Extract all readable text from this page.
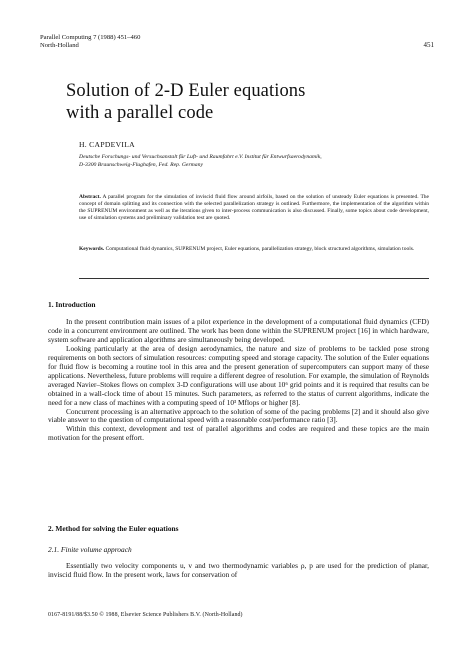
Parallel Computing 7 (1988) 451–460
North-Holland	451
Solution of 2-D Euler equations
with a parallel code
H. CAPDEVILA
Deutsche Forschungs- und Versuchsanstalt für Luft- und Raumfahrt e.V. Institut für Entwurfsaerodynamik,
D-3300 Braunschweig-Flughafen, Fed. Rep. Germany
Abstract. A parallel program for the simulation of inviscid fluid flow around airfoils, based on the solution of unsteady Euler equations is presented. The concept of domain splitting and its connection with the selected parallelization strategy is outlined. Furthermore, the implementation of the algorithm within the SUPRENUM environment as well as the iterations given to inter-process communication is also discussed. Finally, some topics about code development, use of simulation systems and preliminary validation test are quoted.
Keywords. Computational fluid dynamics, SUPRENUM project, Euler equations, parallelization strategy, block structured algorithms, simulation tools.
1. Introduction

In the present contribution main issues of a pilot experience in the development of a computational fluid dynamics (CFD) code in a concurrent environment are outlined. The work has been done within the SUPRENUM project [16] in which hardware, system software and application algorithms are simultaneously being developed.

Looking particularly at the area of design aerodynamics, the nature and size of problems to be tackled pose strong requirements on both sectors of simulation resources: computing speed and storage capacity. The solution of the Euler equations for fluid flow is becoming a routine tool in this area and the present generation of supercomputers can support many of these applications. Nevertheless, future problems will require a different degree of resolution. For example, the simulation of Reynolds averaged Navier–Stokes flows on complex 3-D configurations will use about 10⁶ grid points and it is required that results can be obtained in a wall-clock time of about 15 minutes. Such parameters, as referred to the status of current algorithms, indicate the need for a new class of machines with a computing speed of 10³ Mflops or higher [8].

Concurrent processing is an alternative approach to the solution of some of the pacing problems [2] and it should also give viable answer to the question of computational speed with a reasonable cost/performance ratio [3].

Within this context, development and test of parallel algorithms and codes are required and these topics are the main motivation for the present effort.

2. Method for solving the Euler equations
2.1. Finite volume approach

Essentially two velocity components u, v and two thermodynamic variables ρ, p are used for the prediction of planar, inviscid fluid flow. In the present work, laws for conservation of

0167-8191/88/$3.50 © 1988, Elsevier Science Publishers B.V. (North-Holland)
